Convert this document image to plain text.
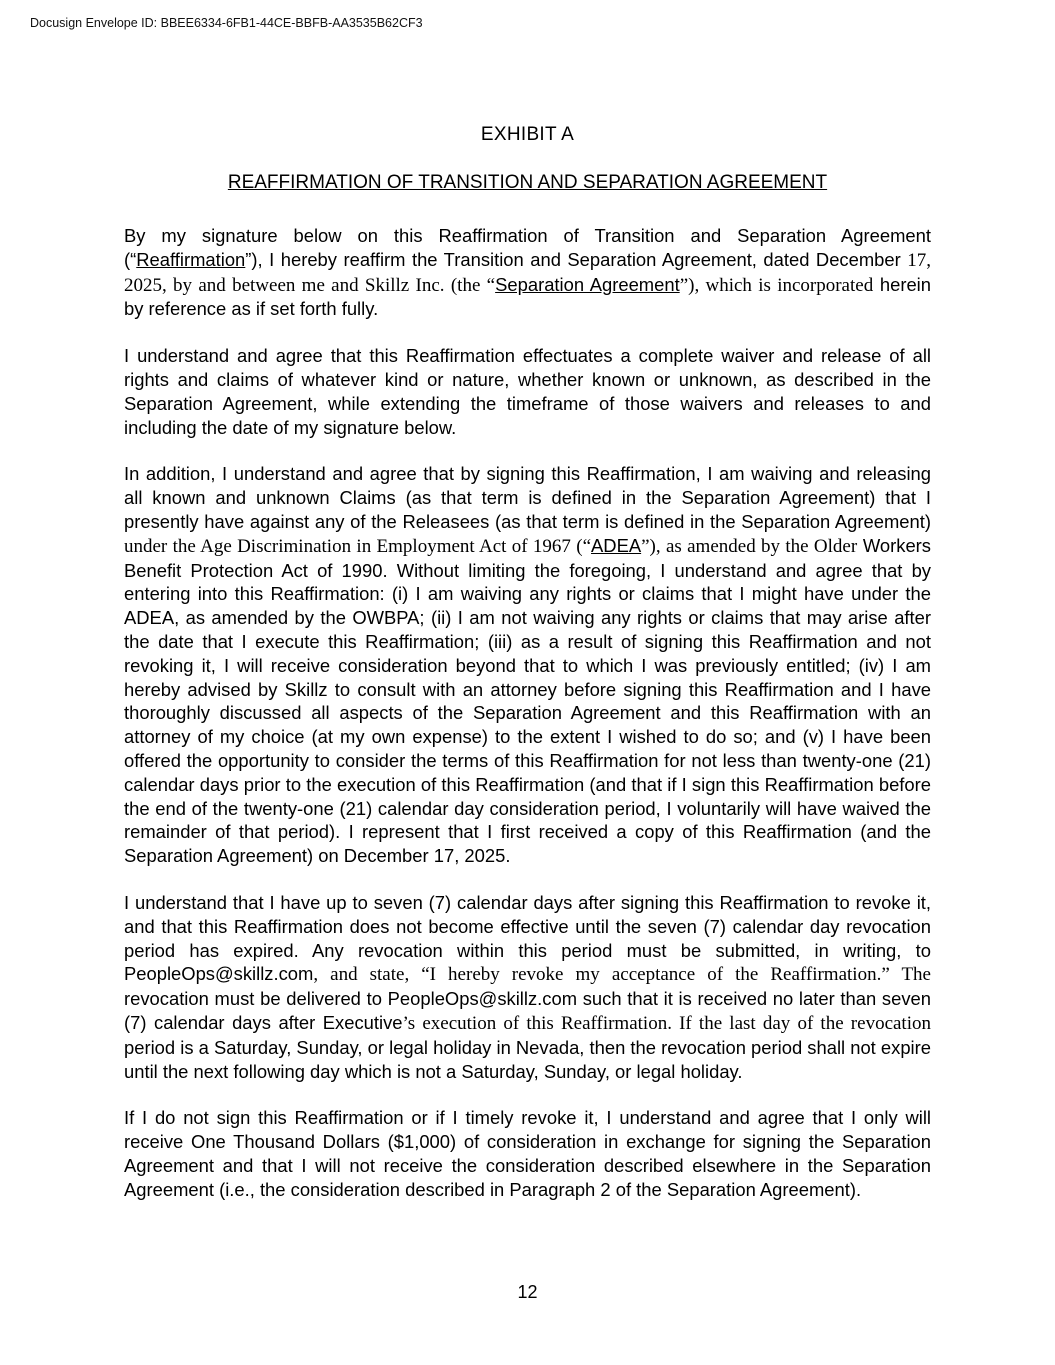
Docusign Envelope ID: BBEE6334-6FB1-44CE-BBFB-AA3535B62CF3
EXHIBIT A
REAFFIRMATION OF TRANSITION AND SEPARATION AGREEMENT

By my signature below on this Reaffirmation of Transition and Separation Agreement (“Reaffirmation”), I hereby reaffirm the Transition and Separation Agreement, dated December 17, 2025, by and between me and Skillz Inc. (the “Separation Agreement”), which is incorporated herein by reference as if set forth fully.

I understand and agree that this Reaffirmation effectuates a complete waiver and release of all rights and claims of whatever kind or nature, whether known or unknown, as described in the Separation Agreement, while extending the timeframe of those waivers and releases to and including the date of my signature below.

In addition, I understand and agree that by signing this Reaffirmation, I am waiving and releasing all known and unknown Claims (as that term is defined in the Separation Agreement) that I presently have against any of the Releasees (as that term is defined in the Separation Agreement) under the Age Discrimination in Employment Act of 1967 (“ADEA”), as amended by the Older Workers Benefit Protection Act of 1990. Without limiting the foregoing, I understand and agree that by entering into this Reaffirmation: (i) I am waiving any rights or claims that I might have under the ADEA, as amended by the OWBPA; (ii) I am not waiving any rights or claims that may arise after the date that I execute this Reaffirmation; (iii) as a result of signing this Reaffirmation and not revoking it, I will receive consideration beyond that to which I was previously entitled; (iv) I am hereby advised by Skillz to consult with an attorney before signing this Reaffirmation and I have thoroughly discussed all aspects of the Separation Agreement and this Reaffirmation with an attorney of my choice (at my own expense) to the extent I wished to do so; and (v) I have been offered the opportunity to consider the terms of this Reaffirmation for not less than twenty-one (21) calendar days prior to the execution of this Reaffirmation (and that if I sign this Reaffirmation before the end of the twenty-one (21) calendar day consideration period, I voluntarily will have waived the remainder of that period). I represent that I first received a copy of this Reaffirmation (and the Separation Agreement) on December 17, 2025.

I understand that I have up to seven (7) calendar days after signing this Reaffirmation to revoke it, and that this Reaffirmation does not become effective until the seven (7) calendar day revocation period has expired. Any revocation within this period must be submitted, in writing, to PeopleOps@skillz.com, and state, “I hereby revoke my acceptance of the Reaffirmation.” The revocation must be delivered to PeopleOps@skillz.com such that it is received no later than seven (7) calendar days after Executive’s execution of this Reaffirmation. If the last day of the revocation period is a Saturday, Sunday, or legal holiday in Nevada, then the revocation period shall not expire until the next following day which is not a Saturday, Sunday, or legal holiday.

If I do not sign this Reaffirmation or if I timely revoke it, I understand and agree that I only will receive One Thousand Dollars ($1,000) of consideration in exchange for signing the Separation Agreement and that I will not receive the consideration described elsewhere in the Separation Agreement (i.e., the consideration described in Paragraph 2 of the Separation Agreement).

12
